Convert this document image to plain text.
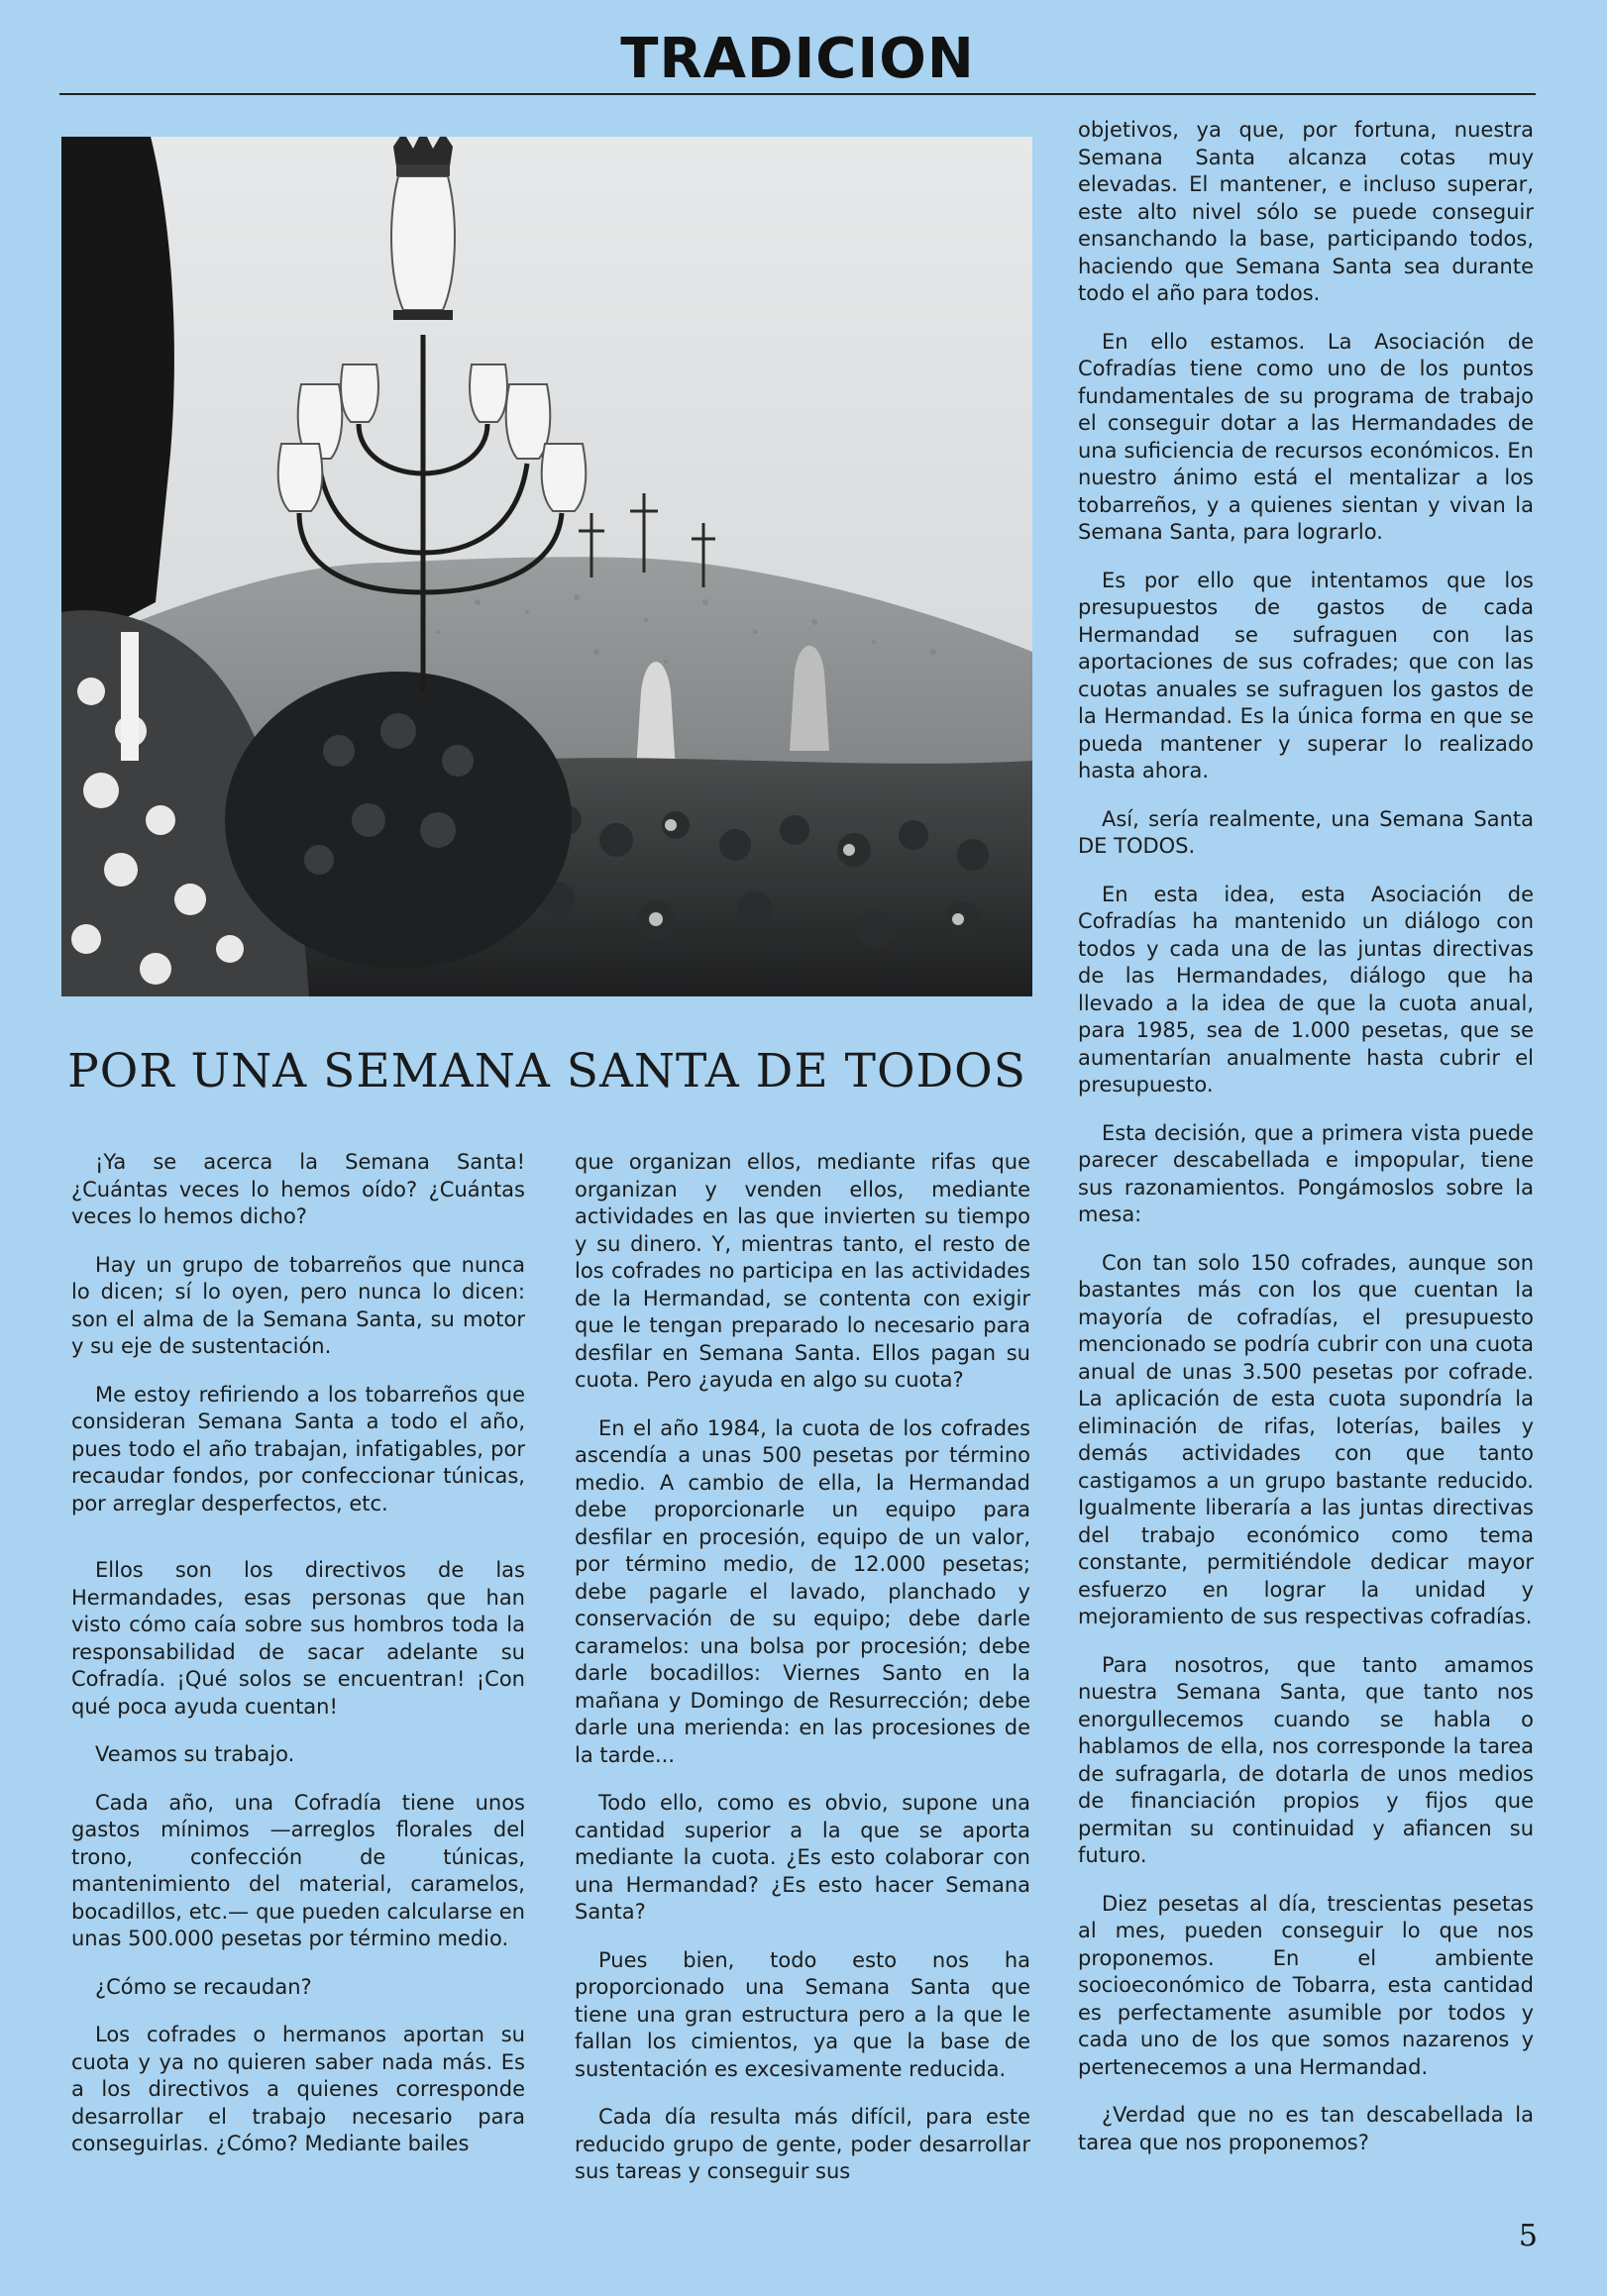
TRADICION
POR UNA SEMANA SANTA DE TODOS

¡Ya se acerca la Semana Santa! ¿Cuántas veces lo hemos oído? ¿Cuántas veces lo hemos dicho?

Hay un grupo de tobarreños que nunca lo dicen; sí lo oyen, pero nunca lo dicen: son el alma de la Semana Santa, su motor y su eje de sustentación.

Me estoy refiriendo a los tobarreños que consideran Semana Santa a todo el año, pues todo el año trabajan, infatigables, por recaudar fondos, por confeccionar túnicas, por arreglar desperfectos, etc.

Ellos son los directivos de las Hermandades, esas personas que han visto cómo caía sobre sus hombros toda la responsabilidad de sacar adelante su Cofradía. ¡Qué solos se encuentran! ¡Con qué poca ayuda cuentan!

Veamos su trabajo.

Cada año, una Cofradía tiene unos gastos mínimos —arreglos florales del trono, confección de túnicas, mantenimiento del material, caramelos, bocadillos, etc.— que pueden calcularse en unas 500.000 pesetas por término medio.

¿Cómo se recaudan?

Los cofrades o hermanos aportan su cuota y ya no quieren saber nada más. Es a los directivos a quienes corresponde desarrollar el trabajo necesario para conseguirlas. ¿Cómo? Mediante bailes

que organizan ellos, mediante rifas que organizan y venden ellos, mediante actividades en las que invierten su tiempo y su dinero. Y, mientras tanto, el resto de los cofrades no participa en las actividades de la Hermandad, se contenta con exigir que le tengan preparado lo necesario para desfilar en Semana Santa. Ellos pagan su cuota. Pero ¿ayuda en algo su cuota?

En el año 1984, la cuota de los cofrades ascendía a unas 500 pesetas por término medio. A cambio de ella, la Hermandad debe proporcionarle un equipo para desfilar en procesión, equipo de un valor, por término medio, de 12.000 pesetas; debe pagarle el lavado, planchado y conservación de su equipo; debe darle caramelos: una bolsa por procesión; debe darle bocadillos: Viernes Santo en la mañana y Domingo de Resurrección; debe darle una merienda: en las procesiones de la tarde...

Todo ello, como es obvio, supone una cantidad superior a la que se aporta mediante la cuota. ¿Es esto colaborar con una Hermandad? ¿Es esto hacer Semana Santa?

Pues bien, todo esto nos ha proporcionado una Semana Santa que tiene una gran estructura pero a la que le fallan los cimientos, ya que la base de sustentación es excesivamente reducida.

Cada día resulta más difícil, para este reducido grupo de gente, poder desarrollar sus tareas y conseguir sus

objetivos, ya que, por fortuna, nuestra Semana Santa alcanza cotas muy elevadas. El mantener, e incluso superar, este alto nivel sólo se puede conseguir ensanchando la base, participando todos, haciendo que Semana Santa sea durante todo el año para todos.

En ello estamos. La Asociación de Cofradías tiene como uno de los puntos fundamentales de su programa de trabajo el conseguir dotar a las Hermandades de una suficiencia de recursos económicos. En nuestro ánimo está el mentalizar a los tobarreños, y a quienes sientan y vivan la Semana Santa, para lograrlo.

Es por ello que intentamos que los presupuestos de gastos de cada Hermandad se sufraguen con las aportaciones de sus cofrades; que con las cuotas anuales se sufraguen los gastos de la Hermandad. Es la única forma en que se pueda mantener y superar lo realizado hasta ahora.

Así, sería realmente, una Semana Santa DE TODOS.

En esta idea, esta Asociación de Cofradías ha mantenido un diálogo con todos y cada una de las juntas directivas de las Hermandades, diálogo que ha llevado a la idea de que la cuota anual, para 1985, sea de 1.000 pesetas, que se aumentarían anualmente hasta cubrir el presupuesto.

Esta decisión, que a primera vista puede parecer descabellada e impopular, tiene sus razonamientos. Pongámoslos sobre la mesa:

Con tan solo 150 cofrades, aunque son bastantes más con los que cuentan la mayoría de cofradías, el presupuesto mencionado se podría cubrir con una cuota anual de unas 3.500 pesetas por cofrade. La aplicación de esta cuota supondría la eliminación de rifas, loterías, bailes y demás actividades con que tanto castigamos a un grupo bastante reducido. Igualmente liberaría a las juntas directivas del trabajo económico como tema constante, permitiéndole dedicar mayor esfuerzo en lograr la unidad y mejoramiento de sus respectivas cofradías.

Para nosotros, que tanto amamos nuestra Semana Santa, que tanto nos enorgullecemos cuando se habla o hablamos de ella, nos corresponde la tarea de sufragarla, de dotarla de unos medios de financiación propios y fijos que permitan su continuidad y afiancen su futuro.

Diez pesetas al día, trescientas pesetas al mes, pueden conseguir lo que nos proponemos. En el ambiente socioeconómico de Tobarra, esta cantidad es perfectamente asumible por todos y cada uno de los que somos nazarenos y pertenecemos a una Hermandad.

¿Verdad que no es tan descabellada la tarea que nos proponemos?

5
